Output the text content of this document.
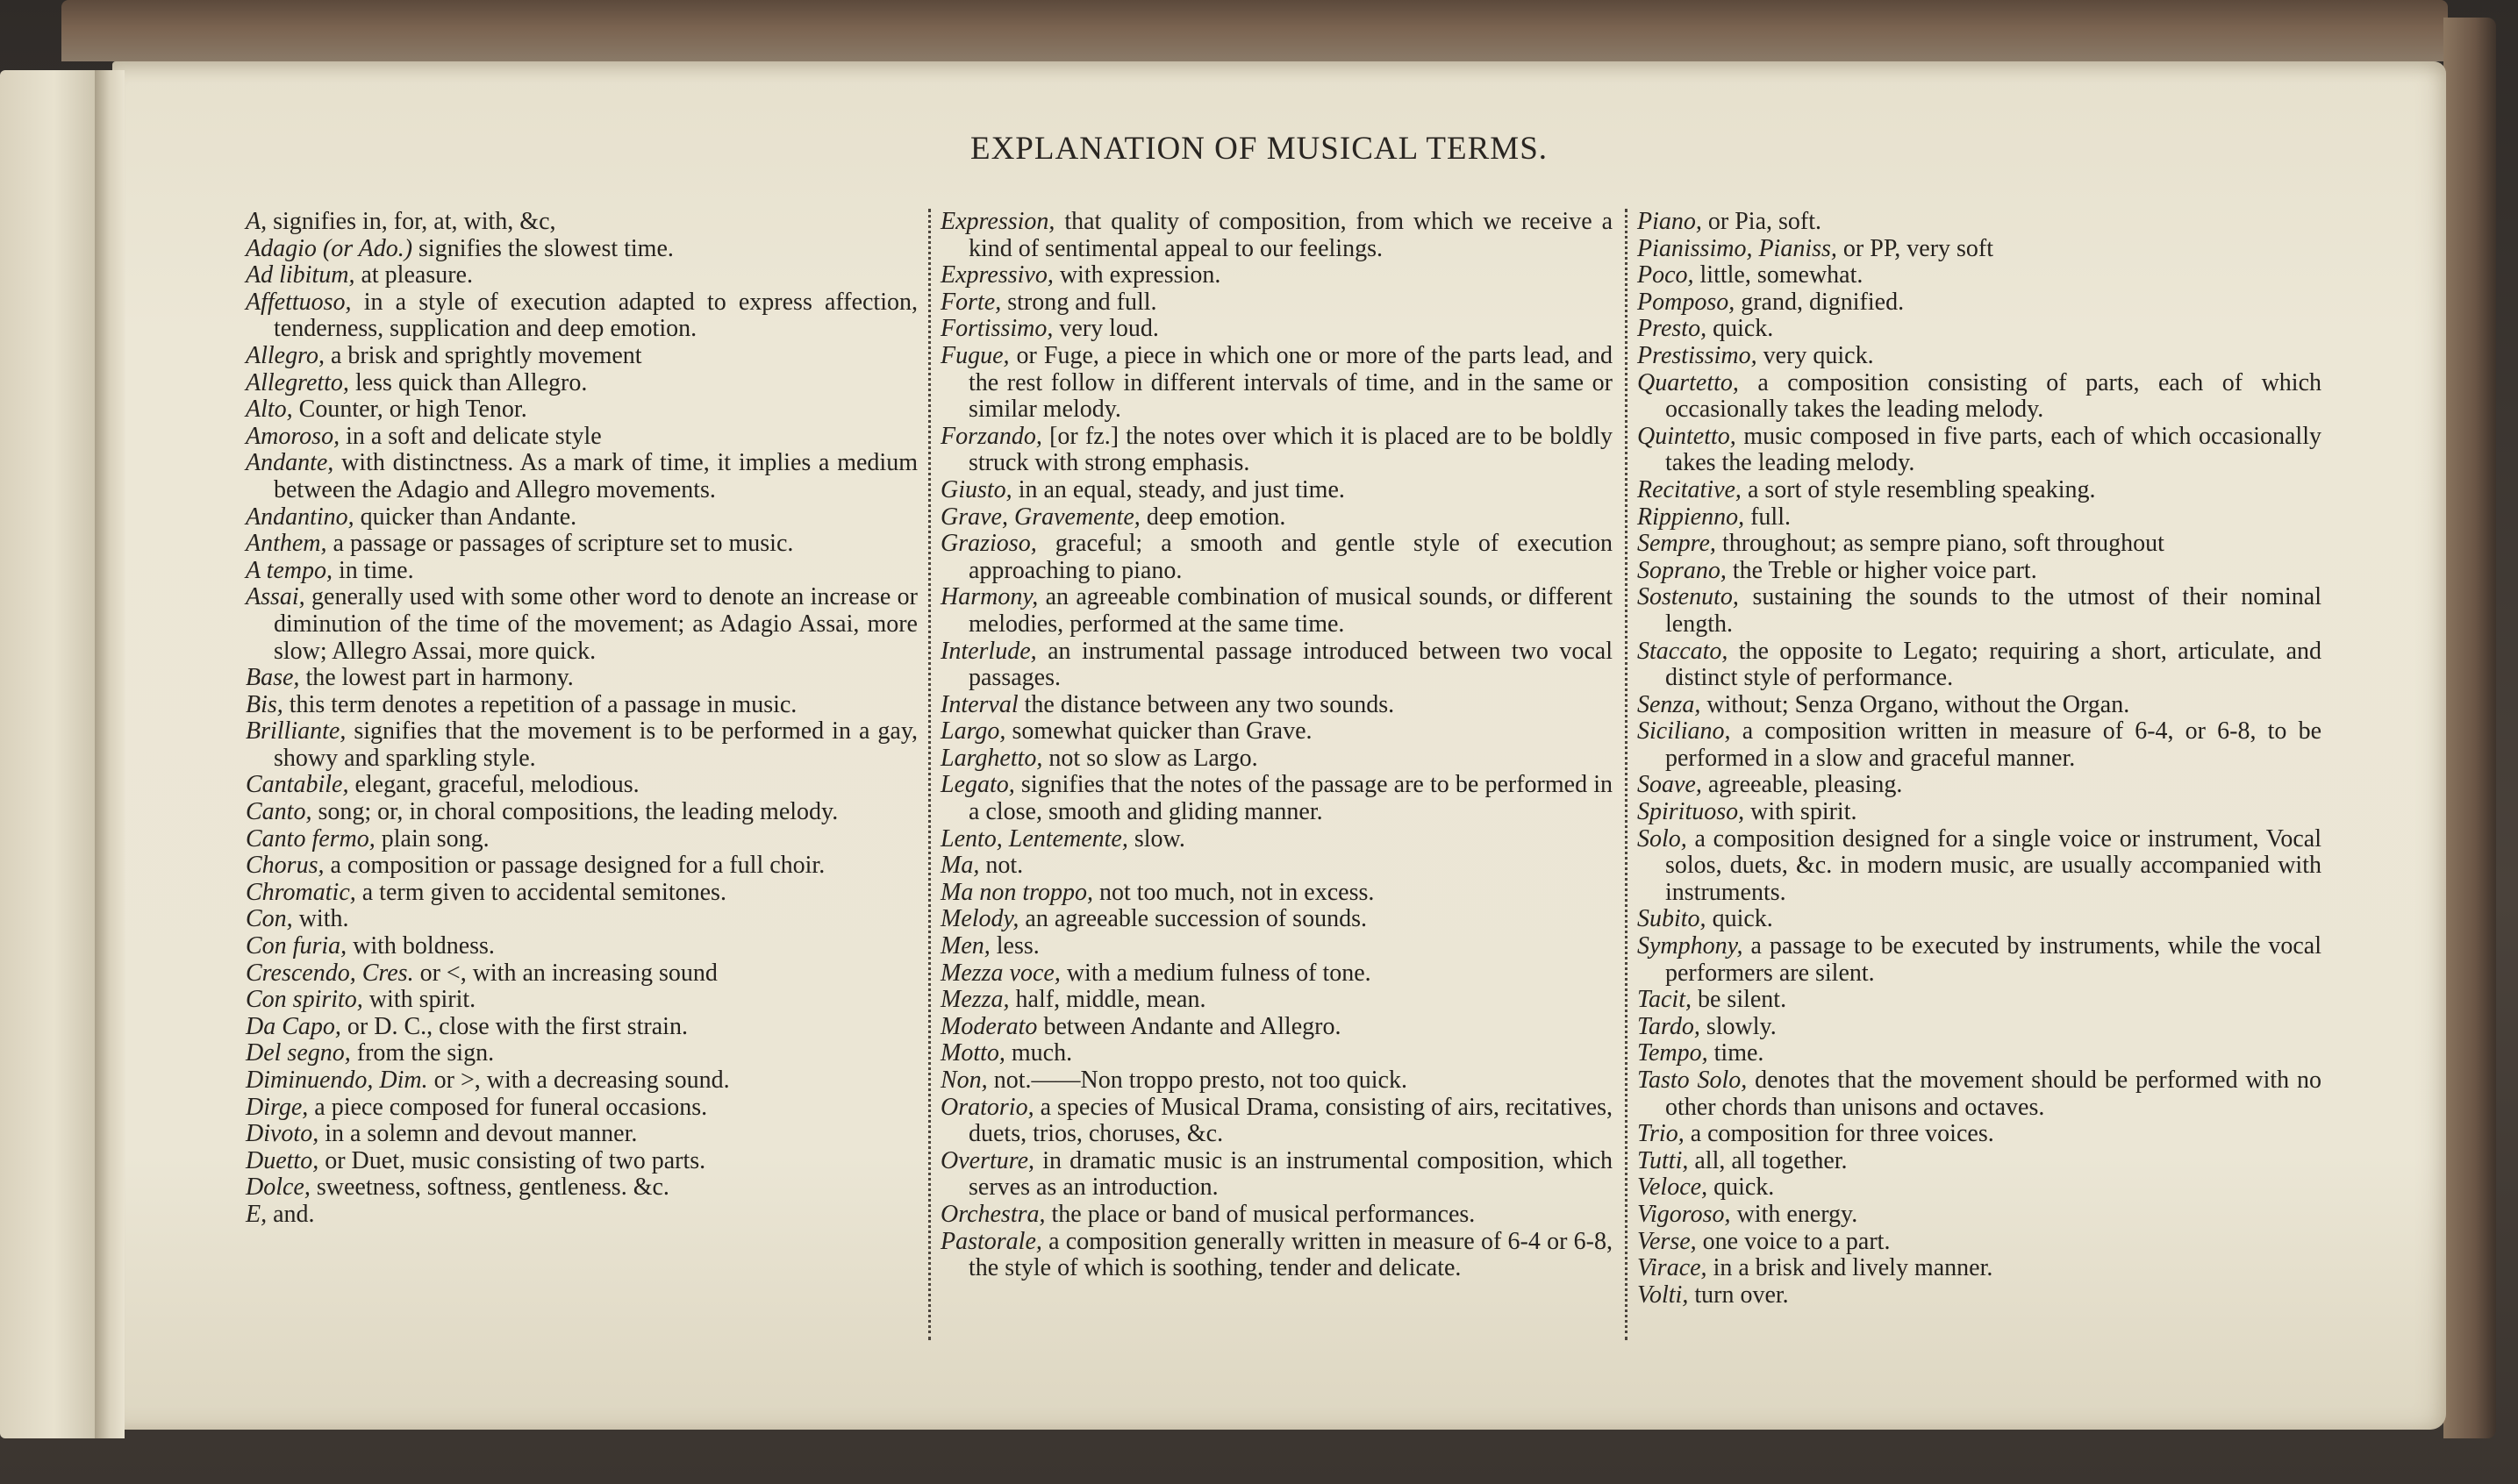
EXPLANATION OF MUSICAL TERMS.

A, signifies in, for, at, with, &c,

Adagio (or Ado.) signifies the slowest time.

Ad libitum, at pleasure.

Affettuoso, in a style of execution adapted to express affection, tenderness, supplication and deep emotion.

Allegro, a brisk and sprightly movement

Allegretto, less quick than Allegro.

Alto, Counter, or high Tenor.

Amoroso, in a soft and delicate style

Andante, with distinctness. As a mark of time, it implies a medium between the Adagio and Allegro movements.

Andantino, quicker than Andante.

Anthem, a passage or passages of scripture set to music.

A tempo, in time.

Assai, generally used with some other word to denote an increase or diminution of the time of the movement; as Adagio Assai, more slow; Allegro Assai, more quick.

Base, the lowest part in harmony.

Bis, this term denotes a repetition of a passage in music.

Brilliante, signifies that the movement is to be performed in a gay, showy and sparkling style.

Cantabile, elegant, graceful, melodious.

Canto, song; or, in choral compositions, the leading melody.

Canto fermo, plain song.

Chorus, a composition or passage designed for a full choir.

Chromatic, a term given to accidental semitones.

Con, with.

Con furia, with boldness.

Crescendo, Cres. or <, with an increasing sound

Con spirito, with spirit.

Da Capo, or D. C., close with the first strain.

Del segno, from the sign.

Diminuendo, Dim. or >, with a decreasing sound.

Dirge, a piece composed for funeral occasions.

Divoto, in a solemn and devout manner.

Duetto, or Duet, music consisting of two parts.

Dolce, sweetness, softness, gentleness. &c.

E, and.

Expression, that quality of composition, from which we receive a kind of sentimental appeal to our feelings.

Expressivo, with expression.

Forte, strong and full.

Fortissimo, very loud.

Fugue, or Fuge, a piece in which one or more of the parts lead, and the rest follow in different intervals of time, and in the same or similar melody.

Forzando, [or fz.] the notes over which it is placed are to be boldly struck with strong emphasis.

Giusto, in an equal, steady, and just time.

Grave, Gravemente, deep emotion.

Grazioso, graceful; a smooth and gentle style of execution approaching to piano.

Harmony, an agreeable combination of musical sounds, or different melodies, performed at the same time.

Interlude, an instrumental passage introduced between two vocal passages.

Interval the distance between any two sounds.

Largo, somewhat quicker than Grave.

Larghetto, not so slow as Largo.

Legato, signifies that the notes of the passage are to be performed in a close, smooth and gliding manner.

Lento, Lentemente, slow.

Ma, not.

Ma non troppo, not too much, not in excess.

Melody, an agreeable succession of sounds.

Men, less.

Mezza voce, with a medium fulness of tone.

Mezza, half, middle, mean.

Moderato between Andante and Allegro.

Motto, much.

Non, not.——Non troppo presto, not too quick.

Oratorio, a species of Musical Drama, consisting of airs, recitatives, duets, trios, choruses, &c.

Overture, in dramatic music is an instrumental composition, which serves as an introduction.

Orchestra, the place or band of musical performances.

Pastorale, a composition generally written in measure of 6-4 or 6-8, the style of which is soothing, tender and delicate.

Piano, or Pia, soft.

Pianissimo, Pianiss, or PP, very soft

Poco, little, somewhat.

Pomposo, grand, dignified.

Presto, quick.

Prestissimo, very quick.

Quartetto, a composition consisting of parts, each of which occasionally takes the leading melody.

Quintetto, music composed in five parts, each of which occasionally takes the leading melody.

Recitative, a sort of style resembling speaking.

Rippienno, full.

Sempre, throughout; as sempre piano, soft throughout

Soprano, the Treble or higher voice part.

Sostenuto, sustaining the sounds to the utmost of their nominal length.

Staccato, the opposite to Legato; requiring a short, articulate, and distinct style of performance.

Senza, without; Senza Organo, without the Organ.

Siciliano, a composition written in measure of 6-4, or 6-8, to be performed in a slow and graceful manner.

Soave, agreeable, pleasing.

Spirituoso, with spirit.

Solo, a composition designed for a single voice or instrument, Vocal solos, duets, &c. in modern music, are usually accompanied with instruments.

Subito, quick.

Symphony, a passage to be executed by instruments, while the vocal performers are silent.

Tacit, be silent.

Tardo, slowly.

Tempo, time.

Tasto Solo, denotes that the movement should be performed with no other chords than unisons and octaves.

Trio, a composition for three voices.

Tutti, all, all together.

Veloce, quick.

Vigoroso, with energy.

Verse, one voice to a part.

Virace, in a brisk and lively manner.

Volti, turn over.
